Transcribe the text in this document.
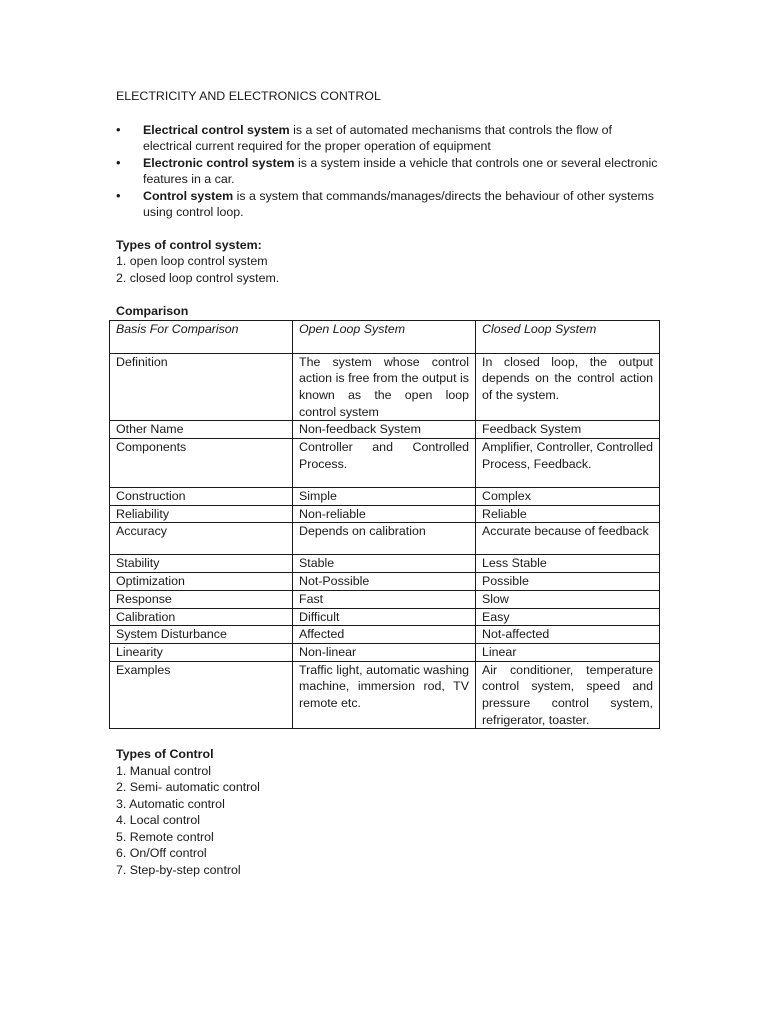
ELECTRICITY AND ELECTRONICS CONTROL

• Electrical control system is a set of automated mechanisms that controls the flow of electrical current required for the proper operation of equipment
• Electronic control system is a system inside a vehicle that controls one or several electronic features in a car.
• Control system is a system that commands/manages/directs the behaviour of other systems using control loop.
Types of control system:
1. open loop control system
2. closed loop control system.
Comparison
Basis For Comparison	Open Loop System	Closed Loop System
Definition	The system whose control action is free from the output is known as the open loop control system	In closed loop, the output depends on the control action of the system.
Other Name	Non-feedback System	Feedback System
Components	Controller and Controlled Process.	Amplifier, Controller, Controlled Process, Feedback.
Construction	Simple	Complex
Reliability	Non-reliable	Reliable
Accuracy	Depends on calibration	Accurate because of feedback
Stability	Stable	Less Stable
Optimization	Not-Possible	Possible
Response	Fast	Slow
Calibration	Difficult	Easy
System Disturbance	Affected	Not-affected
Linearity	Non-linear	Linear
Examples	Traffic light, automatic washing machine, immersion rod, TV remote etc.	Air conditioner, temperature control system, speed and pressure control system, refrigerator, toaster.
Types of Control
1. Manual control
2. Semi- automatic control
3. Automatic control
4. Local control
5. Remote control
6. On/Off control
7. Step-by-step control
